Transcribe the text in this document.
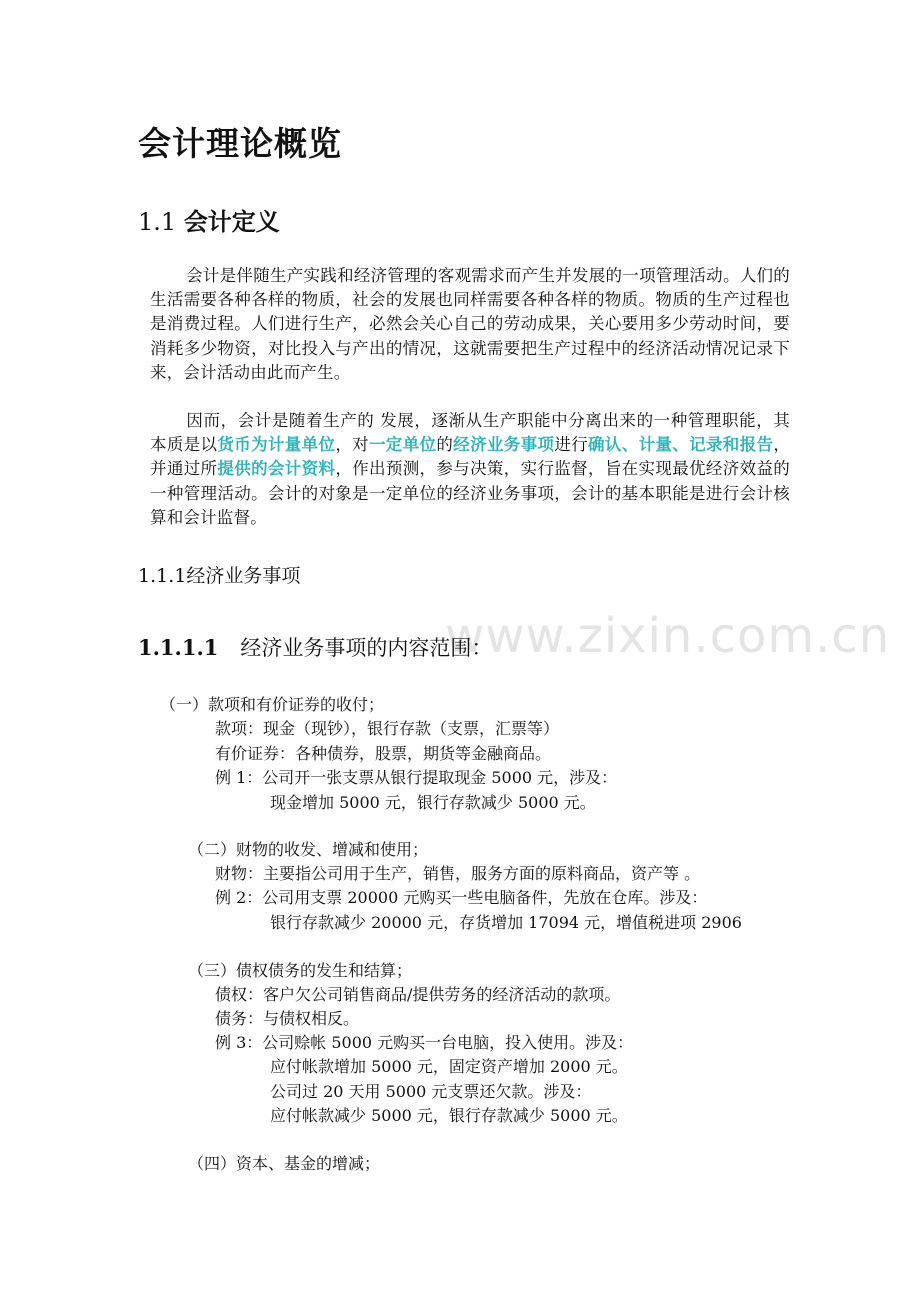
会计理论概览
1.1 会计定义
会计是伴随生产实践和经济管理的客观需求而产生并发展的一项管理活动。人们的生活需要各种各样的物质，社会的发展也同样需要各种各样的物质。物质的生产过程也是消费过程。人们进行生产，必然会关心自己的劳动成果，关心要用多少劳动时间，要消耗多少物资，对比投入与产出的情况，这就需要把生产过程中的经济活动情况记录下来，会计活动由此而产生。
因而，会计是随着生产的 发展，逐渐从生产职能中分离出来的一种管理职能，其本质是以货币为计量单位，对一定单位的经济业务事项进行确认、计量、记录和报告，并通过所提供的会计资料，作出预测，参与决策，实行监督，旨在实现最优经济效益的一种管理活动。会计的对象是一定单位的经济业务事项，会计的基本职能是进行会计核算和会计监督。
1.1.1经济业务事项
www.zixin.com.cn
1.1.1.1 经济业务事项的内容范围：
（一）款项和有价证券的收付；
款项：现金（现钞），银行存款（支票，汇票等）
有价证券：各种债券，股票，期货等金融商品。
例 1：公司开一张支票从银行提取现金 5000 元，涉及：
现金增加 5000 元，银行存款减少 5000 元。
（二）财物的收发、增减和使用；
财物：主要指公司用于生产，销售，服务方面的原料商品，资产等 。
例 2：公司用支票 20000 元购买一些电脑备件，先放在仓库。涉及：
银行存款减少 20000 元，存货增加 17094 元，增值税进项 2906
（三）债权债务的发生和结算；
债权：客户欠公司销售商品/提供劳务的经济活动的款项。
债务：与债权相反。
例 3：公司赊帐 5000 元购买一台电脑，投入使用。涉及：
应付帐款增加 5000 元，固定资产增加 2000 元。
公司过 20 天用 5000 元支票还欠款。涉及：
应付帐款减少 5000 元，银行存款减少 5000 元。
（四）资本、基金的增减；
